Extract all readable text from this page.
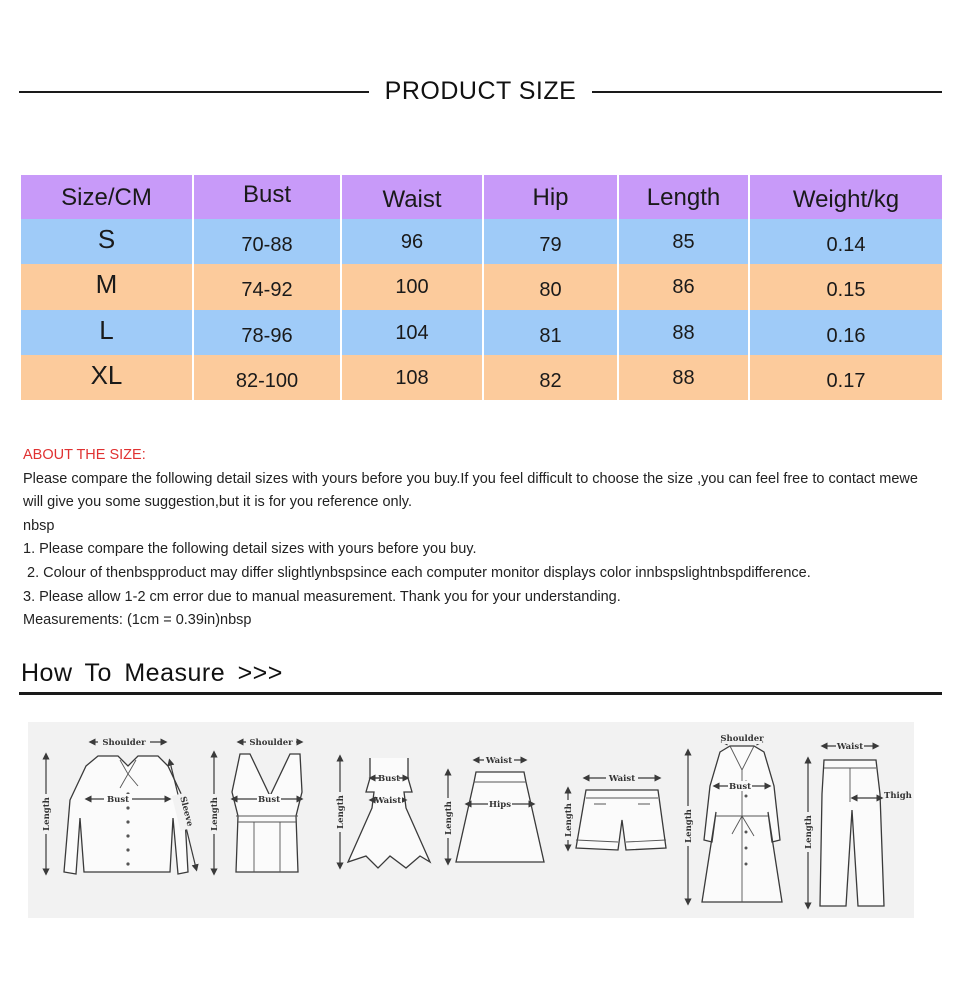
PRODUCT SIZE
Size/CM	Bust	Waist	Hip	Length	Weight/kg
S	70-88	96	79	85	0.14
M	74-92	100	80	86	0.15
L	78-96	104	81	88	0.16
XL	82-100	108	82	88	0.17
ABOUT THE SIZE:
Please compare the following detail sizes with yours before you buy.If you feel difficult to choose the size ,you can feel free to contact mewe
will give you some suggestion,but it is for you reference only.
nbsp
1. Please compare the following detail sizes with yours before you buy.
2. Colour of thenbspproduct may differ slightlynbspsince each computer monitor displays color innbspslightnbspdifference.
3. Please allow 1-2 cm error due to manual measurement. Thank you for your understanding.
Measurements: (1cm = 0.39in)nbsp
How To Measure >>>
Shoulder
Bust
Length	Sleeve
Shoulder
Bust
Length
Bust
Waist
Length
Waist
Hips
Length
Waist
Length
Shoulder
Bust
Length
Waist
Thigh
Length
